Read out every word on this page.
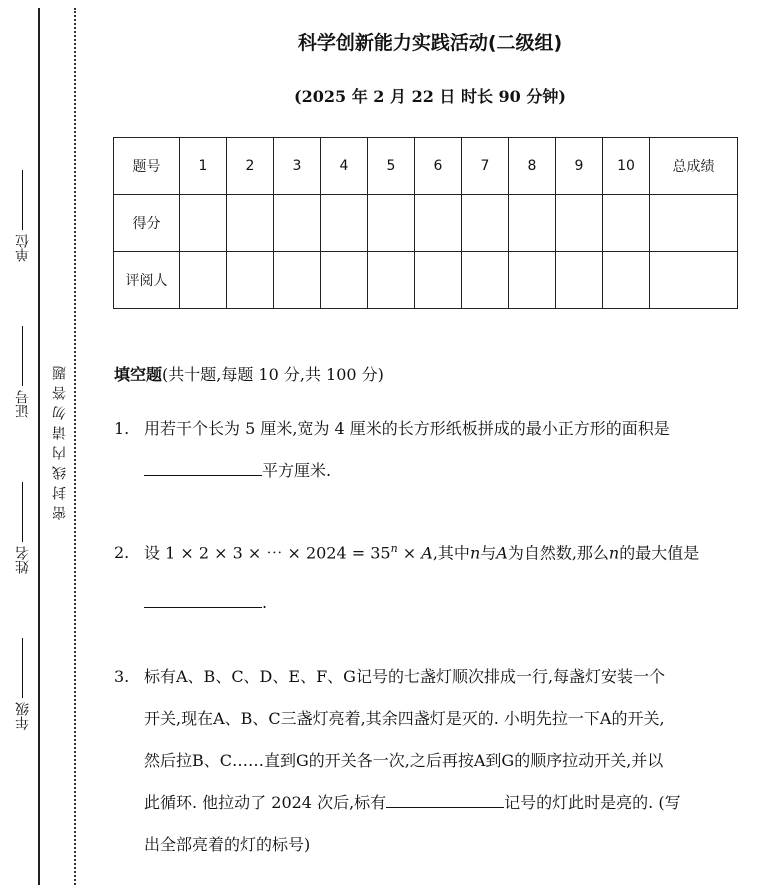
年级
姓名
证号
单位
密封线内请勿答题
科学创新能力实践活动(二级组)
(2025 年 2 月 22 日 时长 90 分钟)
题号	1	2	3	4	5	6	7	8	9	10	总成绩
得分											
评阅人											
填空题(共十题,每题 10 分,共 100 分)
1. 用若干个长为 5 厘米,宽为 4 厘米的长方形纸板拼成的最小正方形的面积是
平方厘米.
2. 设 1 × 2 × 3 × ⋯ × $2024 = 35^n \times A$,其中n与A为自然数,那么n的最大值是
.
3. 标有A、B、C、D、E、F、G记号的七盏灯顺次排成一行,每盏灯安装一个
开关,现在A、B、C三盏灯亮着,其余四盏灯是灭的. 小明先拉一下A的开关,
然后拉B、C……直到G的开关各一次,之后再按A到G的顺序拉动开关,并以
此循环. 他拉动了 2024 次后,标有	记号的灯此时是亮的. (写
出全部亮着的灯的标号)
